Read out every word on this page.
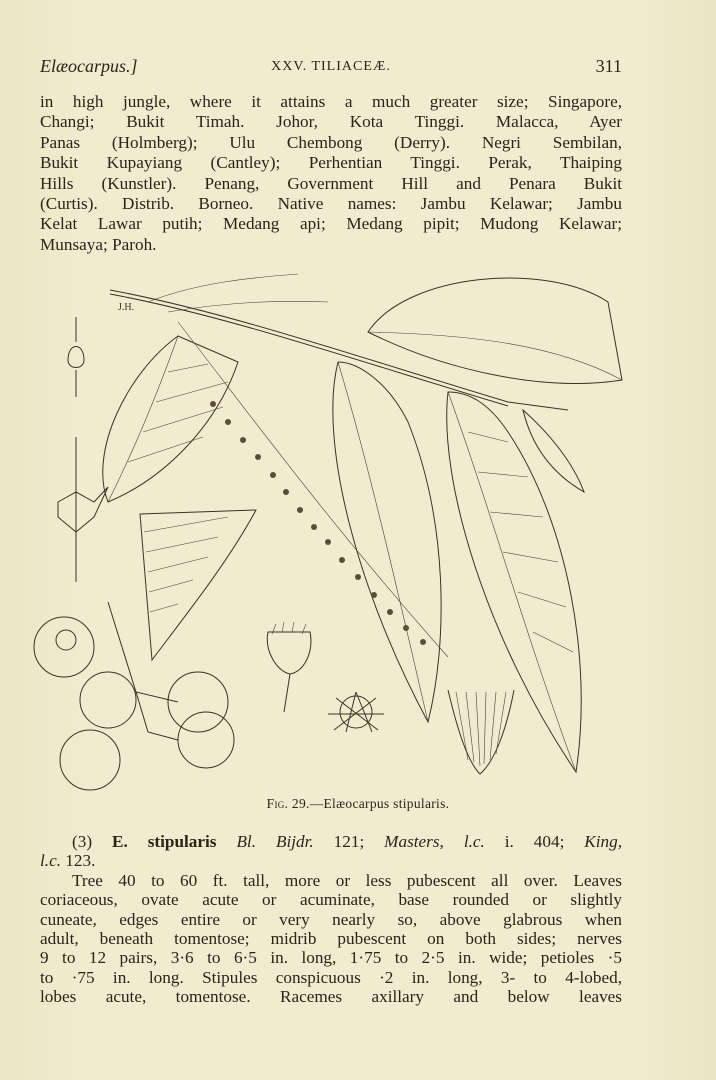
Elæocarpus.]	XXV. TILIACEÆ.	311
in high jungle, where it attains a much greater size; Singapore,
Changi; Bukit Timah. Johor, Kota Tinggi. Malacca, Ayer
Panas (Holmberg); Ulu Chembong (Derry). Negri Sembilan,
Bukit Kupayiang (Cantley); Perhentian Tinggi. Perak, Thaiping
Hills (Kunstler). Penang, Government Hill and Penara Bukit
(Curtis). Distrib. Borneo. Native names: Jambu Kelawar; Jambu
Kelat Lawar putih; Medang api; Medang pipit; Mudong Kelawar;
Munsaya; Paroh.
J.H.
Fig. 29.—Elæocarpus stipularis.
(3) E. stipularis Bl. Bijdr. 121; Masters, l.c. i. 404; King,
l.c. 123.
Tree 40 to 60 ft. tall, more or less pubescent all over. Leaves
coriaceous, ovate acute or acuminate, base rounded or slightly
cuneate, edges entire or very nearly so, above glabrous when
adult, beneath tomentose; midrib pubescent on both sides; nerves
9 to 12 pairs, 3·6 to 6·5 in. long, 1·75 to 2·5 in. wide; petioles ·5
to ·75 in. long. Stipules conspicuous ·2 in. long, 3- to 4-lobed,
lobes acute, tomentose. Racemes axillary and below leaves
